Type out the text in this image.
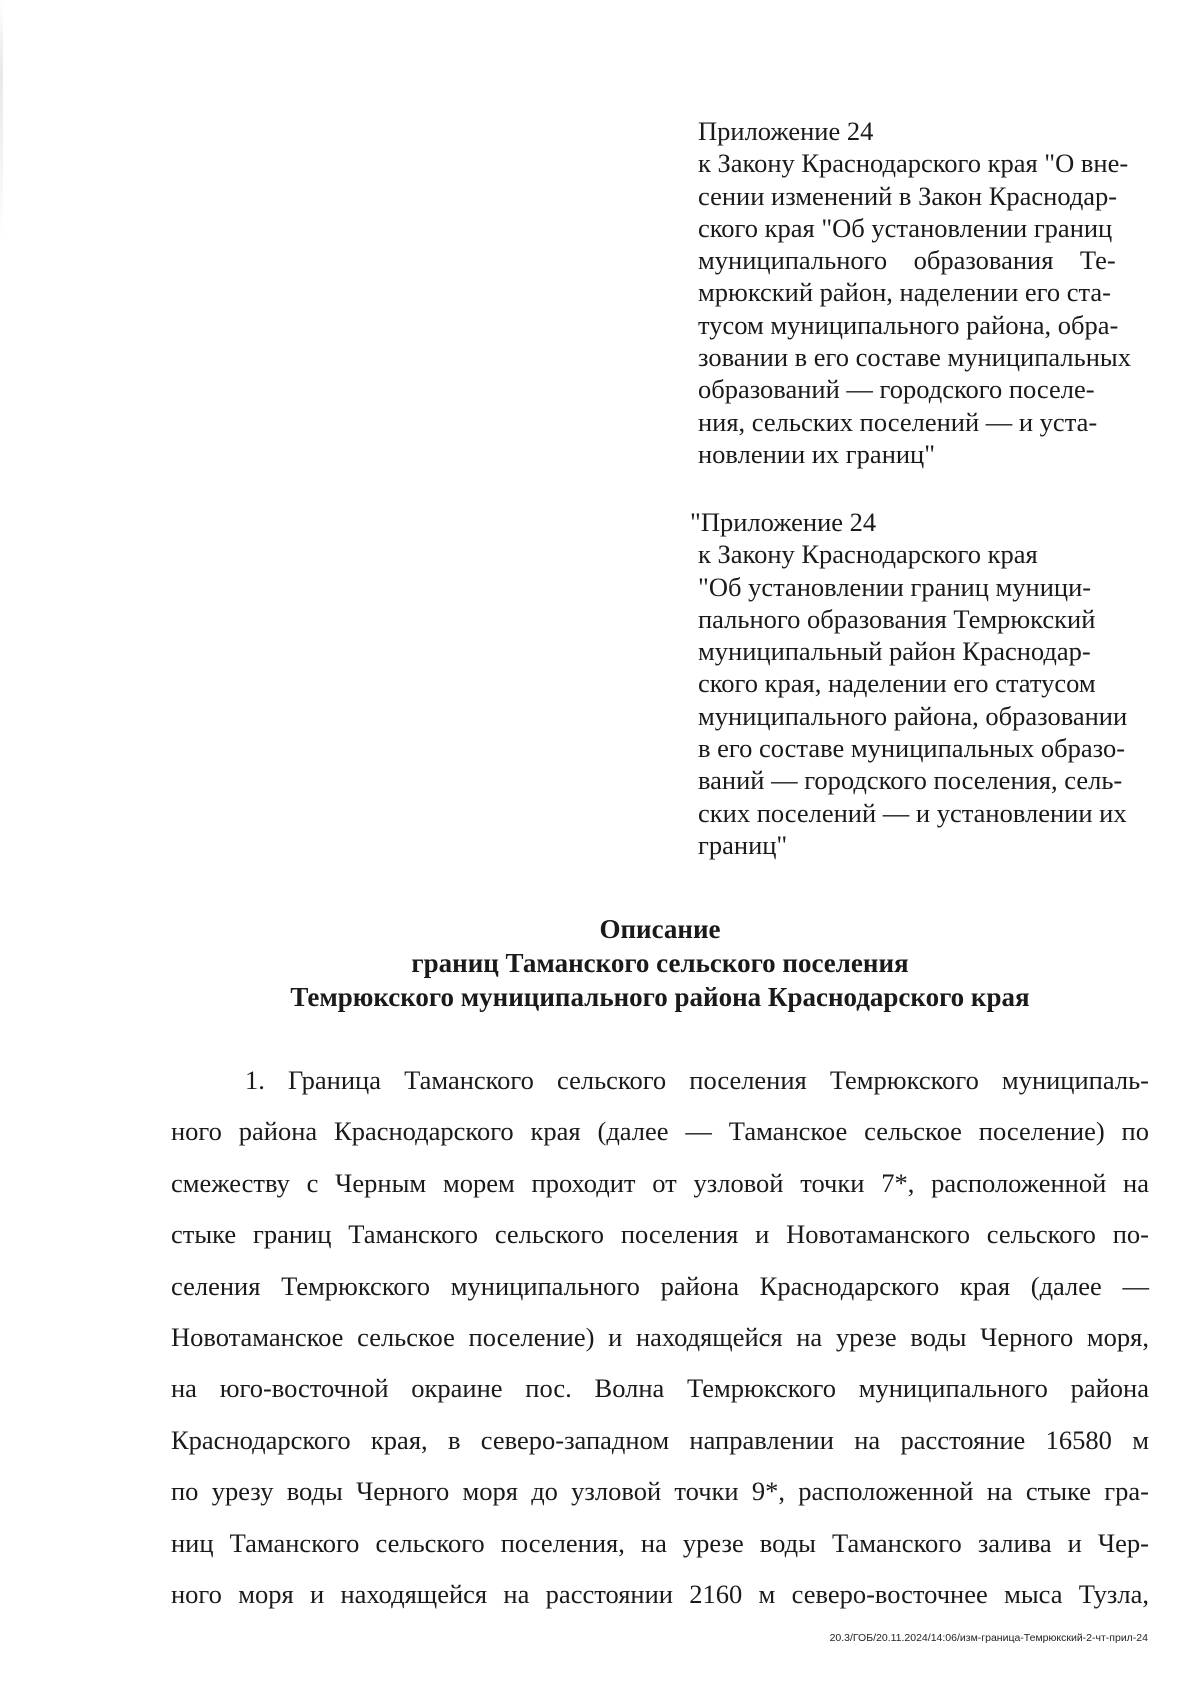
Приложение 24
к Закону Краснодарского края "О вне-
сении изменений в Закон Краснодар-
ского края "Об установлении границ
муниципального    образования    Те-
мрюкский район, наделении его ста-
тусом муниципального района, обра-
зовании в его составе муниципальных
образований — городского поселе-
ния, сельских поселений — и уста-
новлении их границ"
"Приложение 24
к Закону Краснодарского края
"Об установлении границ муници-
пального образования Темрюкский
муниципальный район Краснодар-
ского края, наделении его статусом
муниципального района, образовании
в его составе муниципальных образо-
ваний — городского поселения, сель-
ских поселений — и установлении их
границ"
Описание
границ Таманского сельского поселения
Темрюкского муниципального района Краснодарского края
1. Граница Таманского сельского поселения Темрюкского муниципаль-
ного района Краснодарского края (далее — Таманское сельское поселение) по
смежеству с Черным морем проходит от узловой точки 7*, расположенной на
стыке границ Таманского сельского поселения и Новотаманского сельского по-
селения Темрюкского муниципального района Краснодарского края (далее —
Новотаманское сельское поселение) и находящейся на урезе воды Черного моря,
на юго-восточной окраине пос. Волна Темрюкского муниципального района
Краснодарского края, в северо-западном направлении на расстояние 16580 м
по урезу воды Черного моря до узловой точки 9*, расположенной на стыке гра-
ниц Таманского сельского поселения, на урезе воды Таманского залива и Чер-
ного моря и находящейся на расстоянии 2160 м северо-восточнее мыса Тузла,
20.3/ГОБ/20.11.2024/14:06/изм-граница-Темрюкский-2-чт-прил-24
